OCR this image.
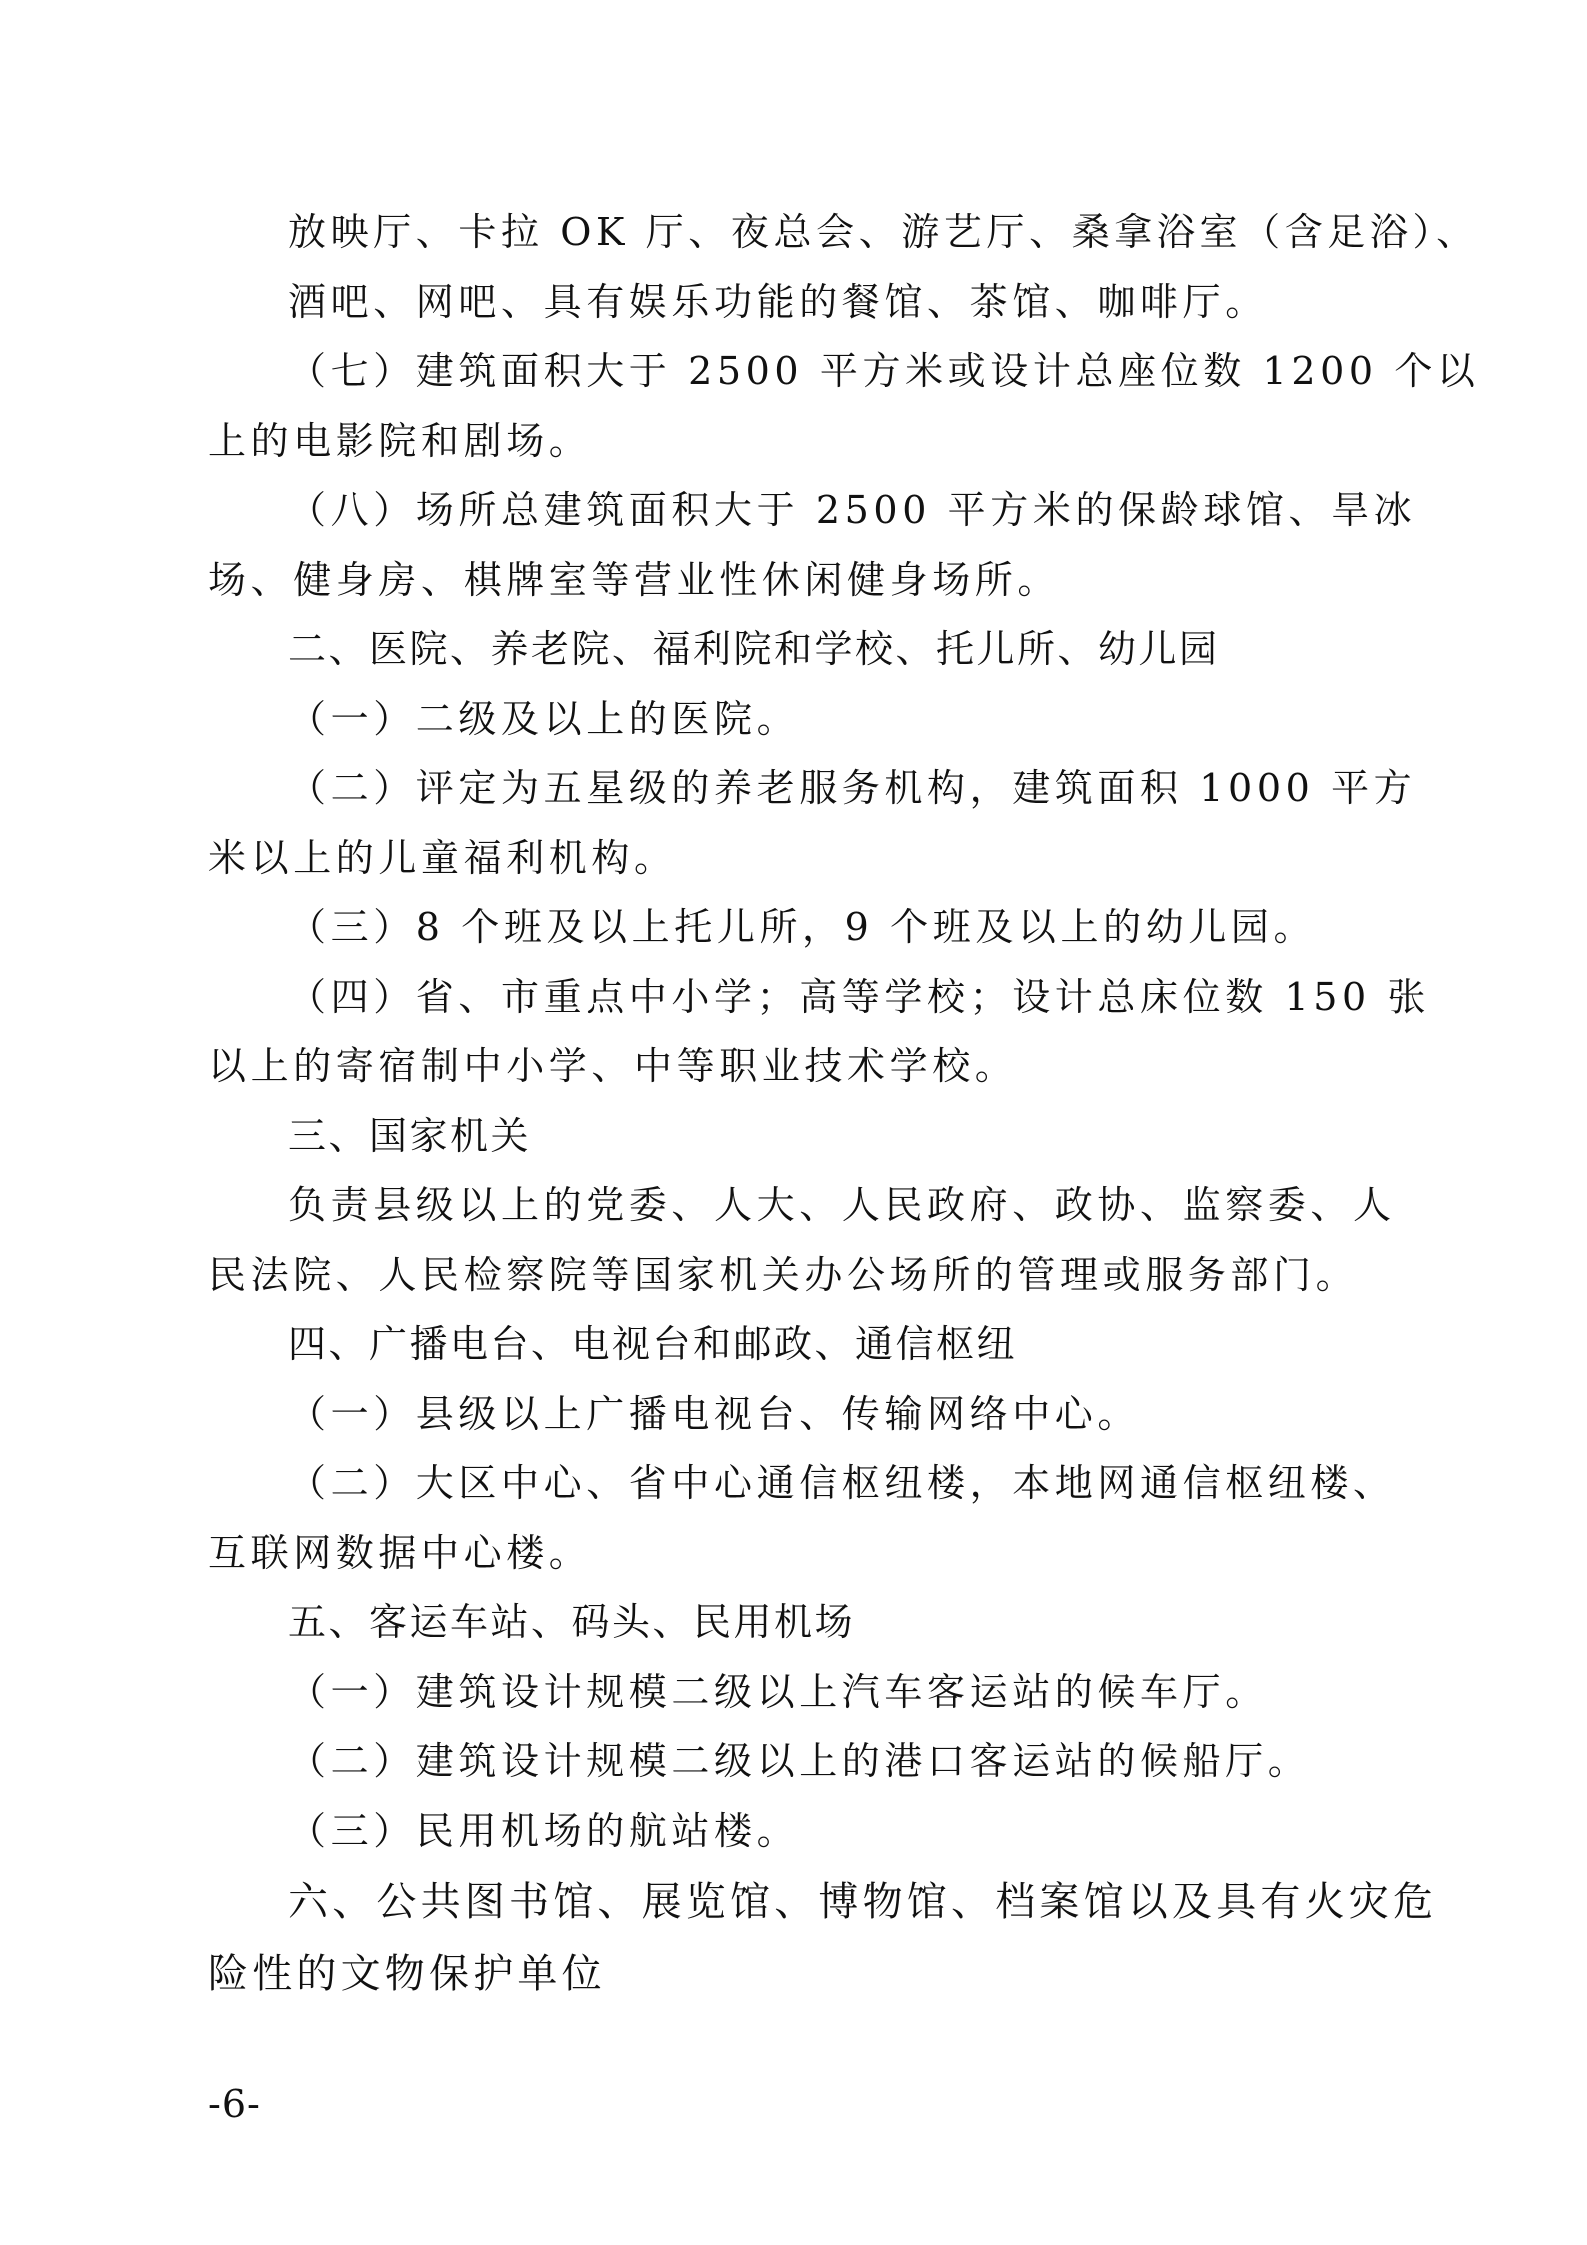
放映厅、卡拉 OK 厅、夜总会、游艺厅、桑拿浴室（含足浴）、
酒吧、网吧、具有娱乐功能的餐馆、茶馆、咖啡厅。
（七）建筑面积大于 2500 平方米或设计总座位数 1200 个以
上的电影院和剧场。
（八）场所总建筑面积大于 2500 平方米的保龄球馆、旱冰
场、健身房、棋牌室等营业性休闲健身场所。
二、医院、养老院、福利院和学校、托儿所、幼儿园
（一）二级及以上的医院。
（二）评定为五星级的养老服务机构，建筑面积 1000 平方
米以上的儿童福利机构。
（三）8 个班及以上托儿所，9 个班及以上的幼儿园。
（四）省、市重点中小学；高等学校；设计总床位数 150 张
以上的寄宿制中小学、中等职业技术学校。
三、国家机关
负责县级以上的党委、人大、人民政府、政协、监察委、人
民法院、人民检察院等国家机关办公场所的管理或服务部门。
四、广播电台、电视台和邮政、通信枢纽
（一）县级以上广播电视台、传输网络中心。
（二）大区中心、省中心通信枢纽楼，本地网通信枢纽楼、
互联网数据中心楼。
五、客运车站、码头、民用机场
（一）建筑设计规模二级以上汽车客运站的候车厅。
（二）建筑设计规模二级以上的港口客运站的候船厅。
（三）民用机场的航站楼。
六、公共图书馆、展览馆、博物馆、档案馆以及具有火灾危
险性的文物保护单位
-6-
